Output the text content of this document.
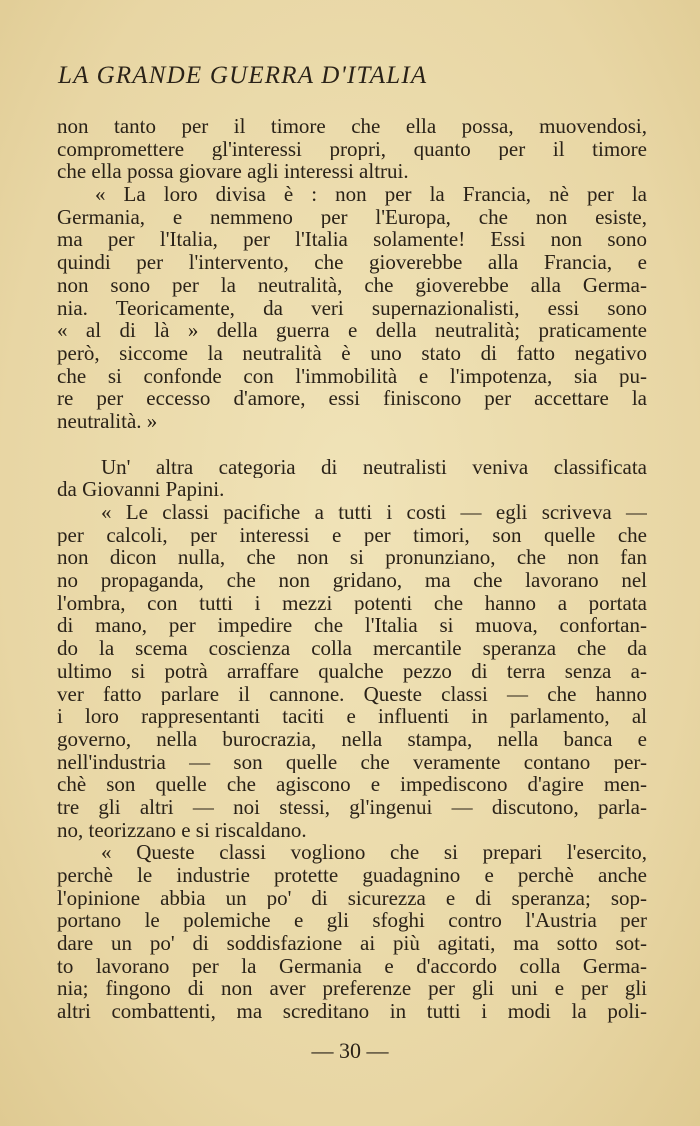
LA GRANDE GUERRA D'ITALIA
non tanto per il timore che ella possa, muovendosi,
compromettere gl'interessi propri, quanto per il timore
che ella possa giovare agli interessi altrui.
« La loro divisa è : non per la Francia, nè per la
Germania, e nemmeno per l'Europa, che non esiste,
ma per l'Italia, per l'Italia solamente! Essi non sono
quindi per l'intervento, che gioverebbe alla Francia, e
non sono per la neutralità, che gioverebbe alla Germa-
nia. Teoricamente, da veri supernazionalisti, essi sono
« al di là » della guerra e della neutralità; praticamente
però, siccome la neutralità è uno stato di fatto negativo
che si confonde con l'immobilità e l'impotenza, sia pu-
re per eccesso d'amore, essi finiscono per accettare la
neutralità. »
Un' altra categoria di neutralisti veniva classificata
da Giovanni Papini.
« Le classi pacifiche a tutti i costi — egli scriveva —
per calcoli, per interessi e per timori, son quelle che
non dicon nulla, che non si pronunziano, che non fan
no propaganda, che non gridano, ma che lavorano nel
l'ombra, con tutti i mezzi potenti che hanno a portata
di mano, per impedire che l'Italia si muova, confortan-
do la scema coscienza colla mercantile speranza che da
ultimo si potrà arraffare qualche pezzo di terra senza a-
ver fatto parlare il cannone. Queste classi — che hanno
i loro rappresentanti taciti e influenti in parlamento, al
governo, nella burocrazia, nella stampa, nella banca e
nell'industria — son quelle che veramente contano per-
chè son quelle che agiscono e impediscono d'agire men-
tre gli altri — noi stessi, gl'ingenui — discutono, parla-
no, teorizzano e si riscaldano.
« Queste classi vogliono che si prepari l'esercito,
perchè le industrie protette guadagnino e perchè anche
l'opinione abbia un po' di sicurezza e di speranza; sop-
portano le polemiche e gli sfoghi contro l'Austria per
dare un po' di soddisfazione ai più agitati, ma sotto sot-
to lavorano per la Germania e d'accordo colla Germa-
nia; fingono di non aver preferenze per gli uni e per gli
altri combattenti, ma screditano in tutti i modi la poli-
— 30 —
